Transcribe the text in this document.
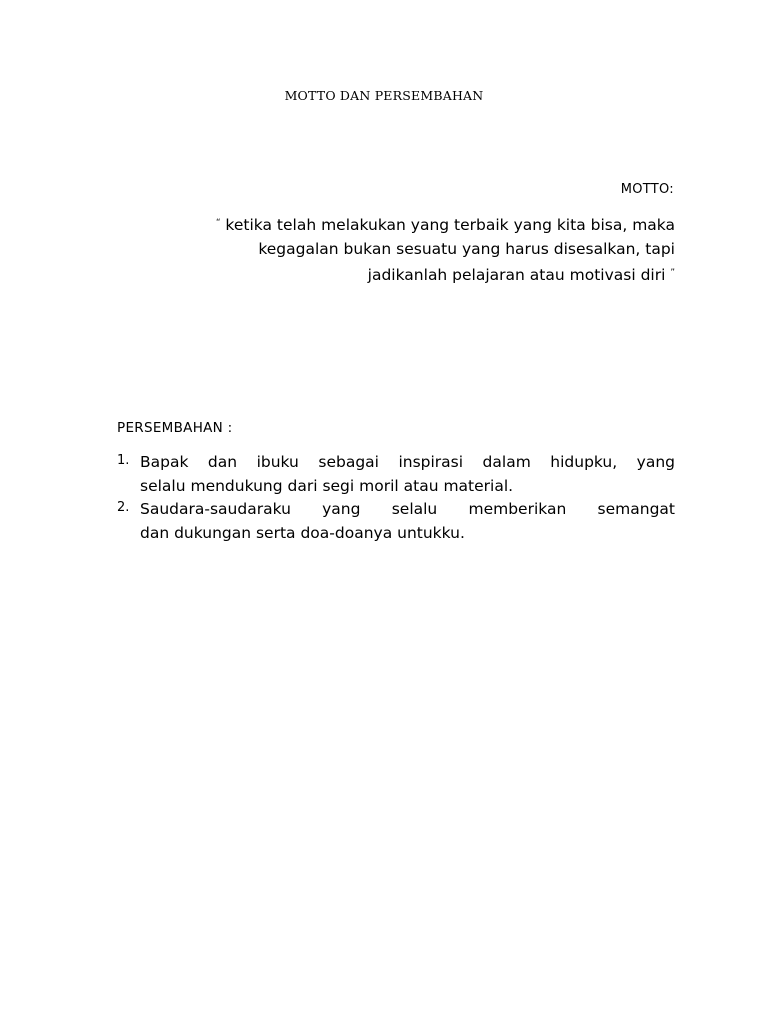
MOTTO DAN PERSEMBAHAN
MOTTO:
“ ketika telah melakukan yang terbaik yang kita bisa, maka
kegagalan bukan sesuatu yang harus disesalkan, tapi
jadikanlah pelajaran atau motivasi diri ”
PERSEMBAHAN :
1. Bapak dan ibuku sebagai inspirasi dalam hidupku, yang
selalu mendukung dari segi moril atau material.
2. Saudara-saudaraku yang selalu memberikan semangat
dan dukungan serta doa-doanya untukku.
